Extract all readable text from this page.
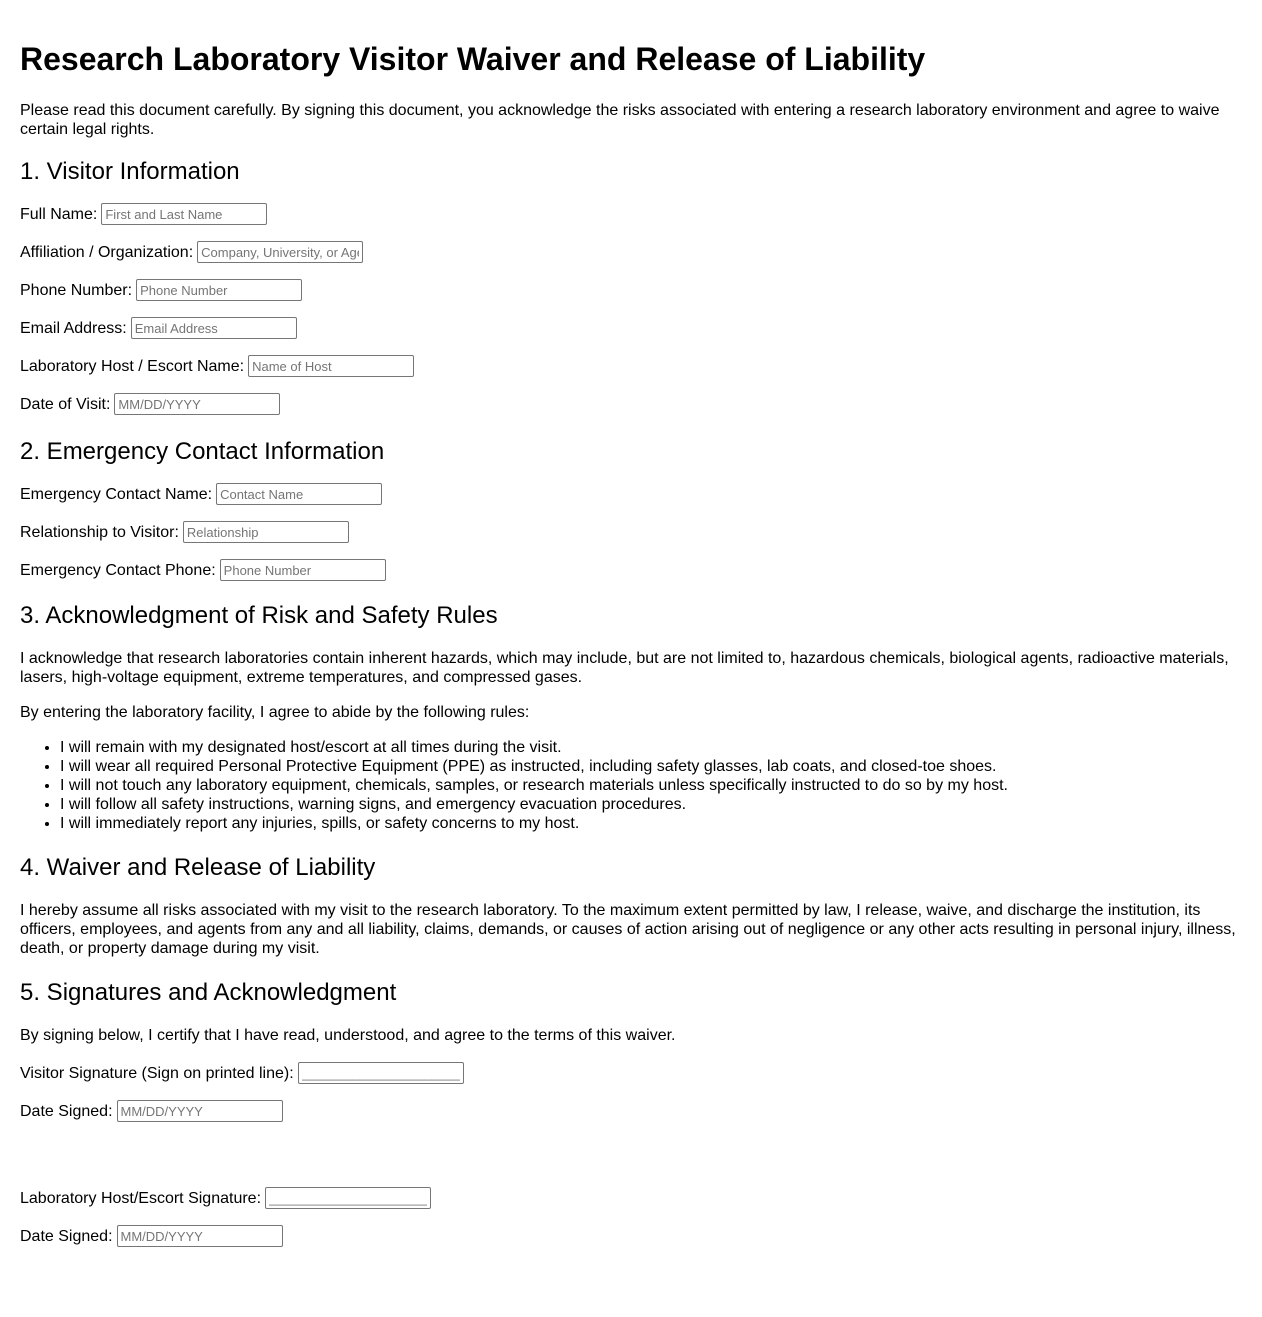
Research Laboratory Visitor Waiver and Release of Liability

Please read this document carefully. By signing this document, you acknowledge the risks associated with entering a research laboratory environment and agree to waive certain legal rights.

1. Visitor Information
Full Name:
First and Last Name
Affiliation / Organization:
Company, University, or Agency
Phone Number:
Phone Number
Email Address:
Email Address
Laboratory Host / Escort Name:
Name of Host
Date of Visit:
MM/DD/YYYY
2. Emergency Contact Information
Emergency Contact Name:
Contact Name
Relationship to Visitor:
Relationship
Emergency Contact Phone:
Phone Number
3. Acknowledgment of Risk and Safety Rules

I acknowledge that research laboratories contain inherent hazards, which may include, but are not limited to, hazardous chemicals, biological agents, radioactive materials, lasers, high-voltage equipment, extreme temperatures, and compressed gases.

By entering the laboratory facility, I agree to abide by the following rules:

• I will remain with my designated host/escort at all times during the visit.
• I will wear all required Personal Protective Equipment (PPE) as instructed, including safety glasses, lab coats, and closed-toe shoes.
• I will not touch any laboratory equipment, chemicals, samples, or research materials unless specifically instructed to do so by my host.
• I will follow all safety instructions, warning signs, and emergency evacuation procedures.
• I will immediately report any injuries, spills, or safety concerns to my host.
4. Waiver and Release of Liability

I hereby assume all risks associated with my visit to the research laboratory. To the maximum extent permitted by law, I release, waive, and discharge the institution, its officers, employees, and agents from any and all liability, claims, demands, or causes of action arising out of negligence or any other acts resulting in personal injury, illness, death, or property damage during my visit.

5. Signatures and Acknowledgment

By signing below, I certify that I have read, understood, and agree to the terms of this waiver.

Visitor Signature (Sign on printed line):
______________________
Date Signed:
MM/DD/YYYY
Laboratory Host/Escort Signature:
______________________
Date Signed:
MM/DD/YYYY
